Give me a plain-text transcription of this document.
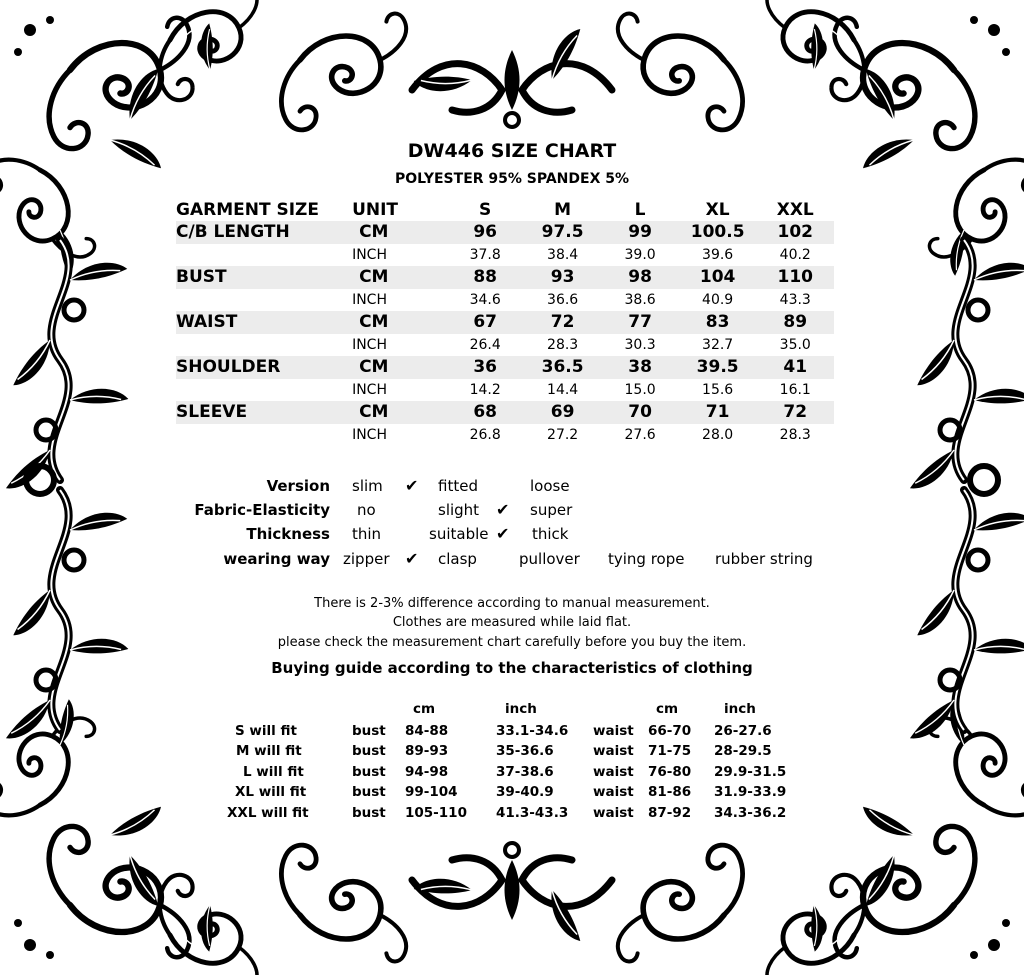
DW446 SIZE CHART
POLYESTER 95% SPANDEX 5%
GARMENT SIZE	UNIT	S	M	L	XL	XXL
C/B LENGTH	CM	96	97.5	99	100.5	102
	INCH	37.8	38.4	39.0	39.6	40.2
BUST	CM	88	93	98	104	110
	INCH	34.6	36.6	38.6	40.9	43.3
WAIST	CM	67	72	77	83	89
	INCH	26.4	28.3	30.3	32.7	35.0
SHOULDER	CM	36	36.5	38	39.5	41
	INCH	14.2	14.4	15.0	15.6	16.1
SLEEVE	CM	68	69	70	71	72
	INCH	26.8	27.2	27.6	28.0	28.3
Version slim ✔ fitted	loose
Fabric-Elasticity no	slight ✔ super
Thickness thin	suitable ✔ thick
wearing way zipper ✔ clasp	pullover tying rope rubber string
There is 2-3% difference according to manual measurement.
Clothes are measured while laid flat.
please check the measurement chart carefully before you buy the item.
Buying guide according to the characteristics of clothing
cm	inch	cm	inch
S will fit	bust 84-88	33.1-34.6 waist 66-70 26-27.6
M will fit	bust 89-93	35-36.6	waist 71-75 28-29.5
L will fit	bust 94-98	37-38.6	waist 76-80 29.9-31.5
XL will fit	bust 99-104	39-40.9	waist 81-86 31.9-33.9
XXL will fit	bust 105-110 41.3-43.3 waist 87-92 34.3-36.2
